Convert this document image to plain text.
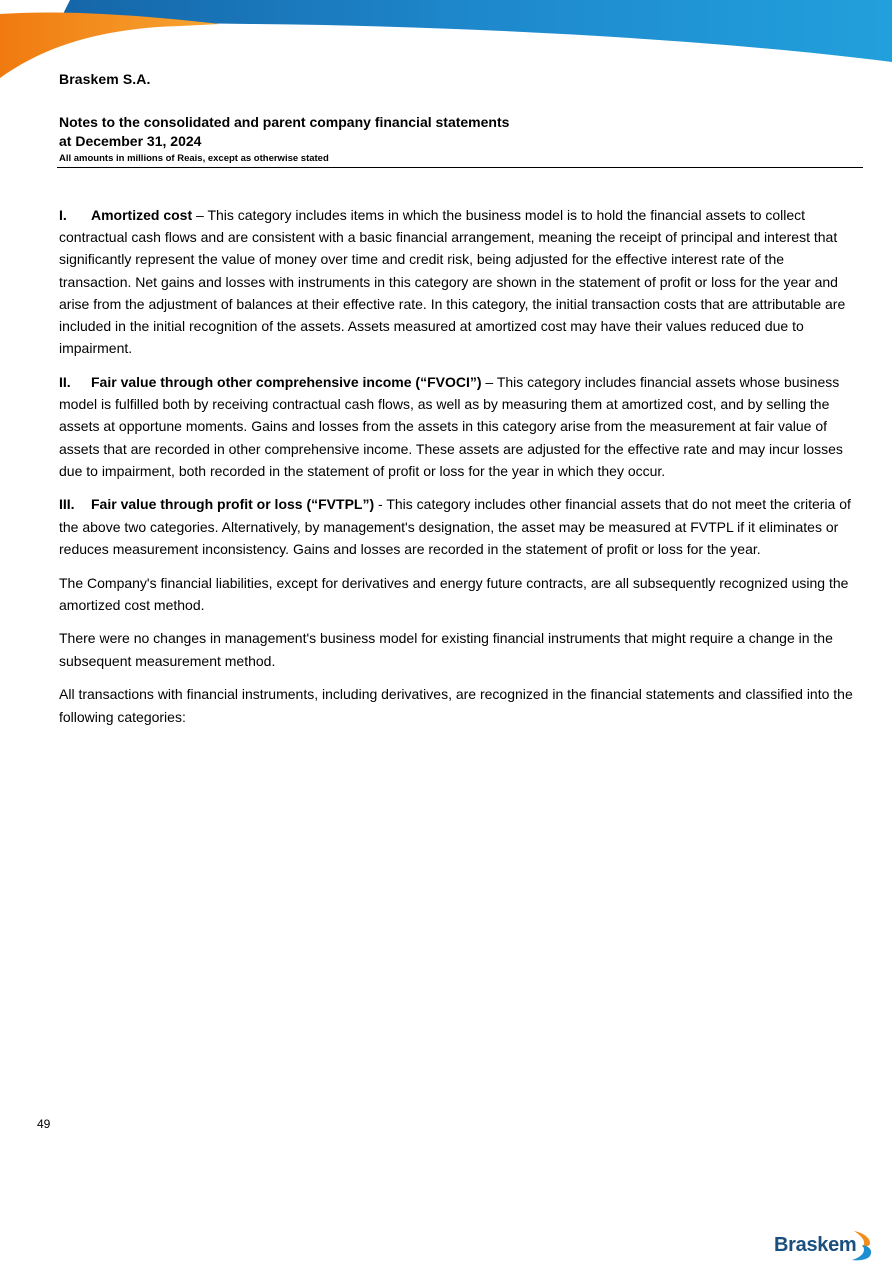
Braskem S.A.
Notes to the consolidated and parent company financial statements
at December 31, 2024
All amounts in millions of Reais, except as otherwise stated

I. Amortized cost – This category includes items in which the business model is to hold the financial assets to collect contractual cash flows and are consistent with a basic financial arrangement, meaning the receipt of principal and interest that significantly represent the value of money over time and credit risk, being adjusted for the effective interest rate of the transaction. Net gains and losses with instruments in this category are shown in the statement of profit or loss for the year and arise from the adjustment of balances at their effective rate. In this category, the initial transaction costs that are attributable are included in the initial recognition of the assets. Assets measured at amortized cost may have their values reduced due to impairment.

II. Fair value through other comprehensive income (“FVOCI”) – This category includes financial assets whose business model is fulfilled both by receiving contractual cash flows, as well as by measuring them at amortized cost, and by selling the assets at opportune moments. Gains and losses from the assets in this category arise from the measurement at fair value of assets that are recorded in other comprehensive income. These assets are adjusted for the effective rate and may incur losses due to impairment, both recorded in the statement of profit or loss for the year in which they occur.

III. Fair value through profit or loss (“FVTPL”) - This category includes other financial assets that do not meet the criteria of the above two categories. Alternatively, by management's designation, the asset may be measured at FVTPL if it eliminates or reduces measurement inconsistency. Gains and losses are recorded in the statement of profit or loss for the year.

The Company's financial liabilities, except for derivatives and energy future contracts, are all subsequently recognized using the amortized cost method.

There were no changes in management's business model for existing financial instruments that might require a change in the subsequent measurement method.

All transactions with financial instruments, including derivatives, are recognized in the financial statements and classified into the following categories:

49
Braskem
